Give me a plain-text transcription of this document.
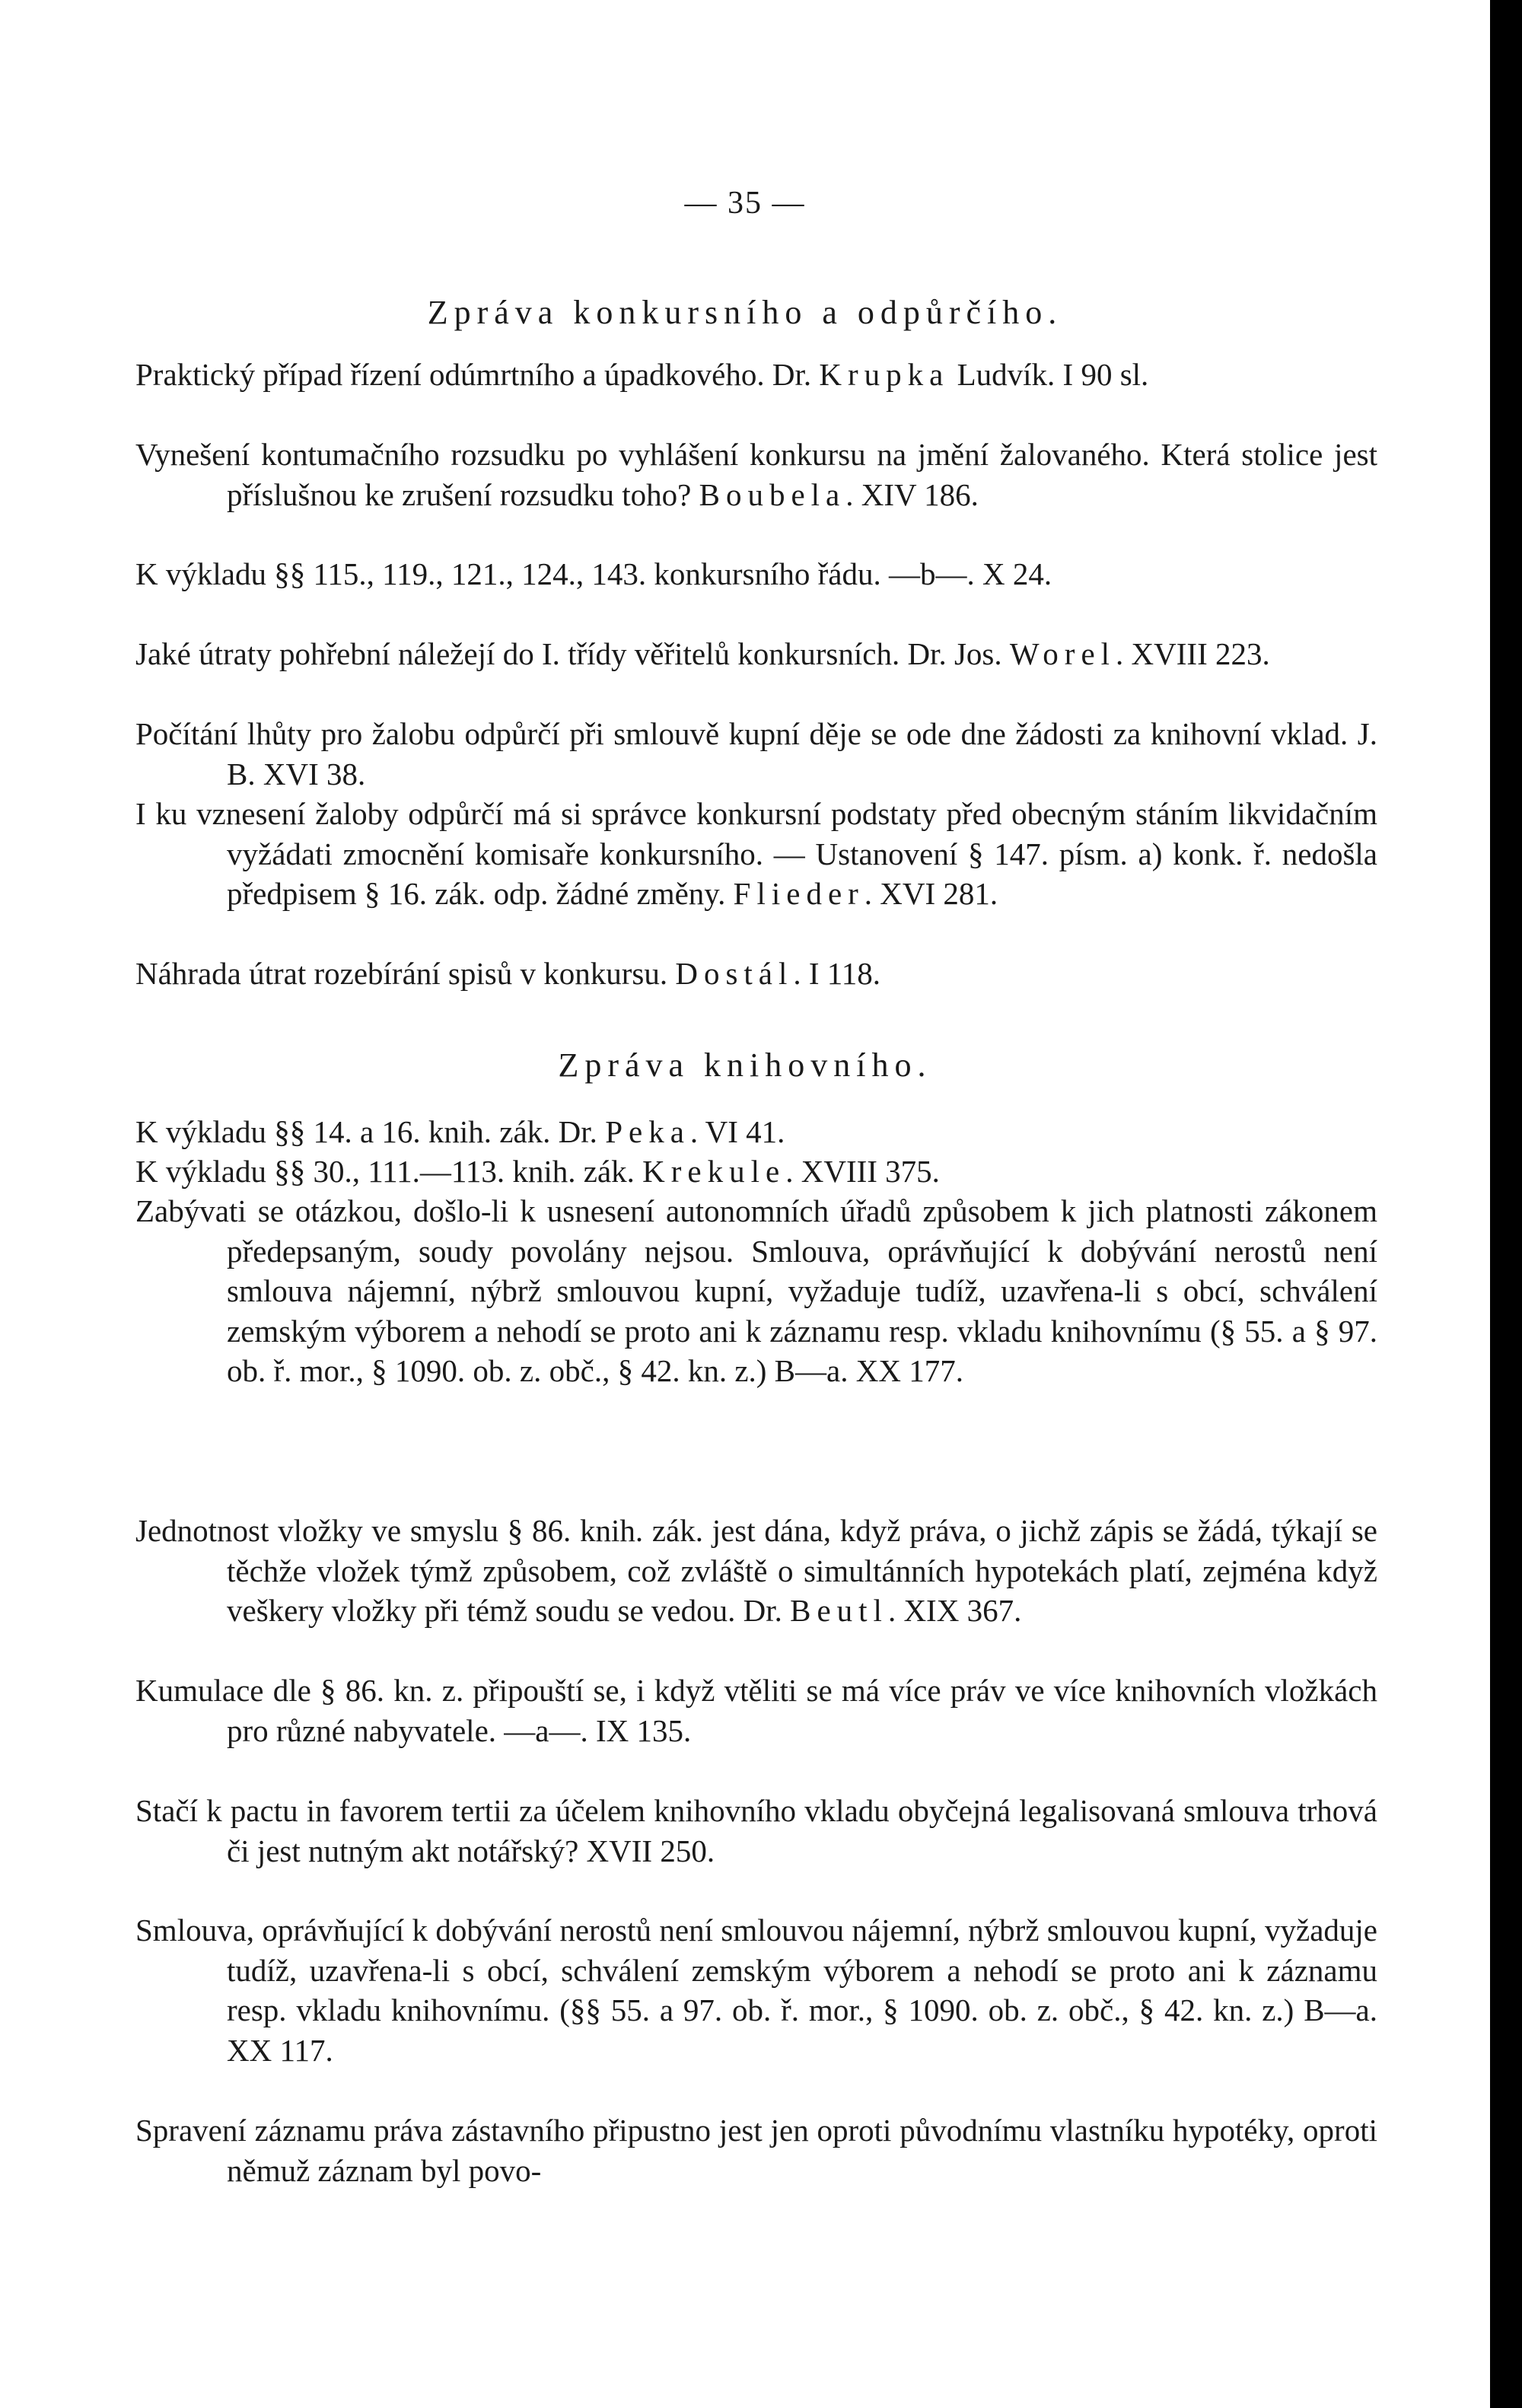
— 35 —
Zpráva konkursního a odpůrčího.
Praktický případ řízení odúmrtního a úpadkového. Dr. Krupka Ludvík. I 90 sl.
Vynešení kontumačního rozsudku po vyhlášení konkursu na jmění žalovaného. Která stolice jest příslušnou ke zrušení rozsudku toho? Boubela. XIV 186.
K výkladu §§ 115., 119., 121., 124., 143. konkursního řádu. —b—. X 24.
Jaké útraty pohřební náležejí do I. třídy věřitelů konkursních. Dr. Jos. Worel. XVIII 223.
Počítání lhůty pro žalobu odpůrčí při smlouvě kupní děje se ode dne žádosti za knihovní vklad. J. B. XVI 38.
I ku vznesení žaloby odpůrčí má si správce konkursní podstaty před obecným stáním likvidačním vyžádati zmocnění komisaře konkursního. — Ustanovení § 147. písm. a) konk. ř. nedošla předpisem § 16. zák. odp. žádné změny. Flieder. XVI 281.
Náhrada útrat rozebírání spisů v konkursu. Dostál. I 118.
Zpráva knihovního.
K výkladu §§ 14. a 16. knih. zák. Dr. Peka. VI 41.
K výkladu §§ 30., 111.—113. knih. zák. Krekule. XVIII 375.
Zabývati se otázkou, došlo-li k usnesení autonomních úřadů způsobem k jich platnosti zákonem předepsaným, soudy povolány nejsou. Smlouva, oprávňující k dobývání nerostů není smlouva nájemní, nýbrž smlouvou kupní, vyžaduje tudíž, uzavřena-li s obcí, schválení zemským výborem a nehodí se proto ani k záznamu resp. vkladu knihovnímu (§ 55. a § 97. ob. ř. mor., § 1090. ob. z. obč., § 42. kn. z.) B—a. XX 177.
Jednotnost vložky ve smyslu § 86. knih. zák. jest dána, když práva, o jichž zápis se žádá, týkají se těchže vložek týmž způsobem, což zvláště o simultánních hypotekách platí, zejména když veškery vložky při témž soudu se vedou. Dr. Beutl. XIX 367.
Kumulace dle § 86. kn. z. připouští se, i když vtěliti se má více práv ve více knihovních vložkách pro různé nabyvatele. —a—. IX 135.
Stačí k pactu in favorem tertii za účelem knihovního vkladu obyčejná legalisovaná smlouva trhová či jest nutným akt notářský? XVII 250.
Smlouva, oprávňující k dobývání nerostů není smlouvou nájemní, nýbrž smlouvou kupní, vyžaduje tudíž, uzavřena-li s obcí, schválení zemským výborem a nehodí se proto ani k záznamu resp. vkladu knihovnímu. (§§ 55. a 97. ob. ř. mor., § 1090. ob. z. obč., § 42. kn. z.) B—a. XX 117.
Spravení záznamu práva zástavního připustno jest jen oproti původnímu vlastníku hypotéky, oproti němuž záznam byl povo-
